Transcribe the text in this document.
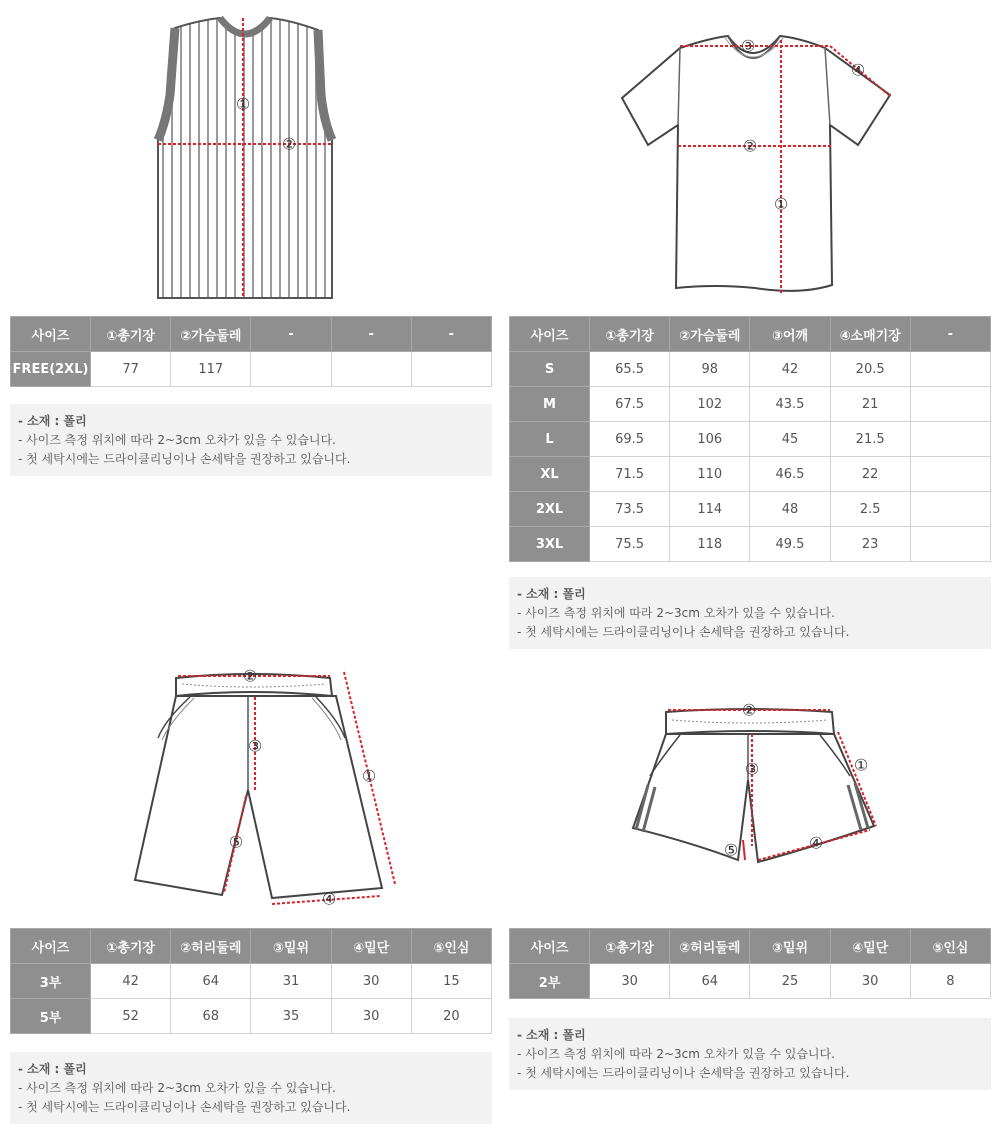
①
②
③
④
②
①
사이즈	①총기장	②가슴둘레	-	-	-
FREE(2XL)	77	117			
- 소재 : 폴리
- 사이즈 측정 위치에 따라 2~3cm 오차가 있을 수 있습니다.
- 첫 세탁시에는 드라이클리닝이나 손세탁을 권장하고 있습니다.
사이즈	①총기장	②가슴둘레	③어깨	④소매기장	-
S	65.5	98	42	20.5	
M	67.5	102	43.5	21	
L	69.5	106	45	21.5	
XL	71.5	110	46.5	22	
2XL	73.5	114	48	2.5	
3XL	75.5	118	49.5	23	
- 소재 : 폴리
- 사이즈 측정 위치에 따라 2~3cm 오차가 있을 수 있습니다.
- 첫 세탁시에는 드라이클리닝이나 손세탁을 권장하고 있습니다.
②
③
①
⑤
④
②
③	①
④
⑤
사이즈	①총기장	②허리둘레	③밑위	④밑단	⑤인심
3부	42	64	31	30	15
5부	52	68	35	30	20
- 소재 : 폴리
- 사이즈 측정 위치에 따라 2~3cm 오차가 있을 수 있습니다.
- 첫 세탁시에는 드라이클리닝이나 손세탁을 권장하고 있습니다.
사이즈	①총기장	②허리둘레	③밑위	④밑단	⑤인심
2부	30	64	25	30	8
- 소재 : 폴리
- 사이즈 측정 위치에 따라 2~3cm 오차가 있을 수 있습니다.
- 첫 세탁시에는 드라이클리닝이나 손세탁을 권장하고 있습니다.
